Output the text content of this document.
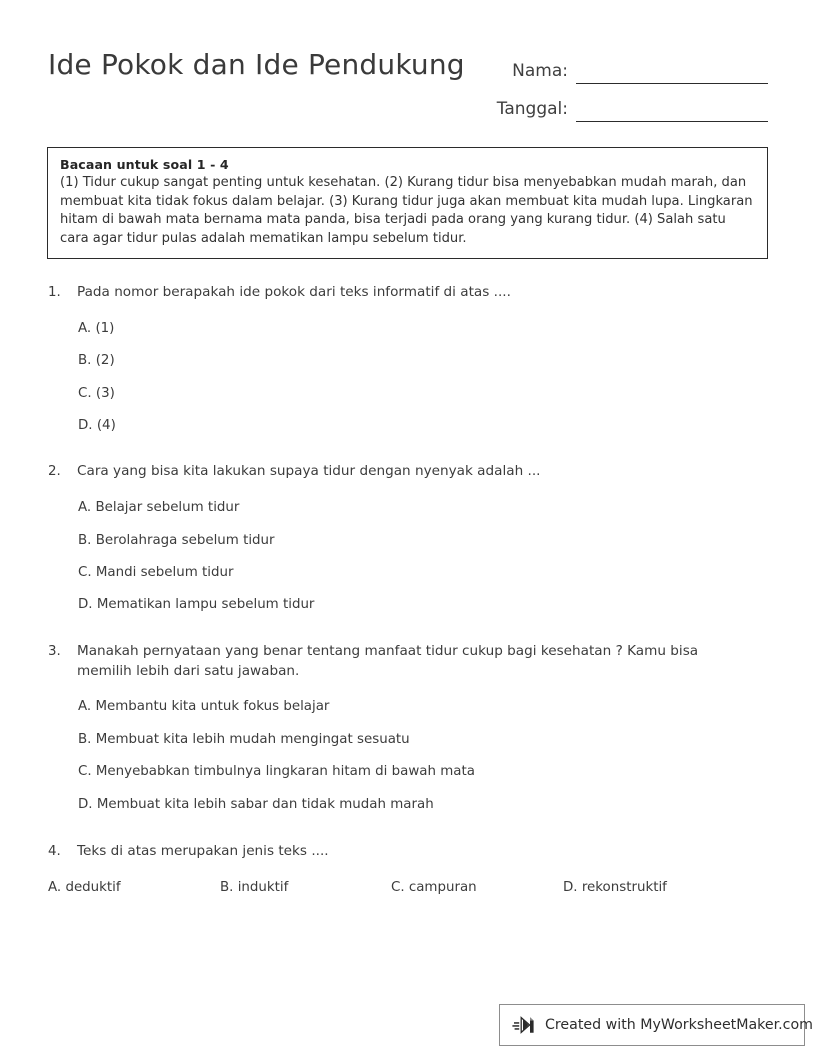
Ide Pokok dan Ide Pendukung	Nama:
Tanggal:
Bacaan untuk soal 1 - 4
(1) Tidur cukup sangat penting untuk kesehatan. (2) Kurang tidur bisa menyebabkan mudah marah, dan membuat kita tidak fokus dalam belajar. (3) Kurang tidur juga akan membuat kita mudah lupa. Lingkaran hitam di bawah mata bernama mata panda, bisa terjadi pada orang yang kurang tidur. (4) Salah satu cara agar tidur pulas adalah mematikan lampu sebelum tidur.
1.	Pada nomor berapakah ide pokok dari teks informatif di atas ....
A. (1)
B. (2)
C. (3)
D. (4)
2.	Cara yang bisa kita lakukan supaya tidur dengan nyenyak adalah ...
A. Belajar sebelum tidur
B. Berolahraga sebelum tidur
C. Mandi sebelum tidur
D. Mematikan lampu sebelum tidur
3.	Manakah pernyataan yang benar tentang manfaat tidur cukup bagi kesehatan ? Kamu bisa memilih lebih dari satu jawaban.
A. Membantu kita untuk fokus belajar
B. Membuat kita lebih mudah mengingat sesuatu
C. Menyebabkan timbulnya lingkaran hitam di bawah mata
D. Membuat kita lebih sabar dan tidak mudah marah
4.	Teks di atas merupakan jenis teks ....
A. deduktif	B. induktif	C. campuran	D. rekonstruktif
Created with MyWorksheetMaker.com
